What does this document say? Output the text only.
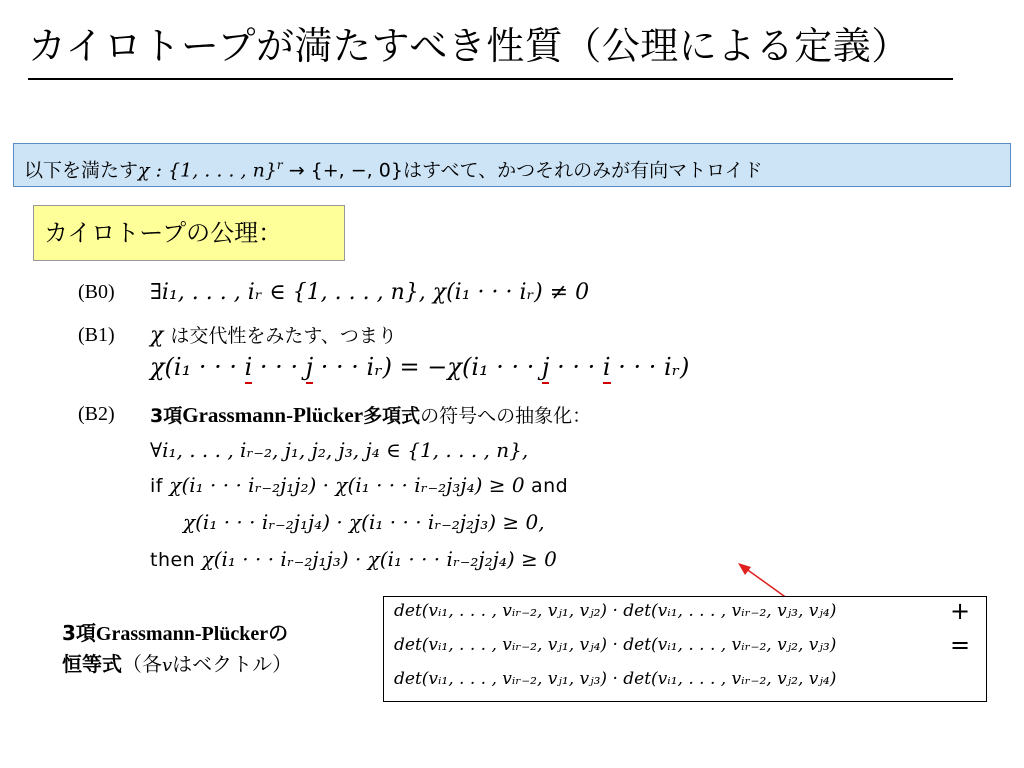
カイロトープが満たすべき性質（公理による定義）
以下を満たすχ : {1, . . . , n}$^r$ → {+, −, 0}はすべて、かつそれのみが有向マトロイド
カイロトープの公理：
(B0) ∃i₁, . . . , iᵣ ∈ {1, . . . , n}, χ(i₁ · · · iᵣ) ≠ 0
(B1) χ は交代性をみたす、つまり
χ(i₁ · · · i · · · j · · · iᵣ) = −χ(i₁ · · · j · · · i · · · iᵣ)
(B2) 3項Grassmann-Plücker多項式の符号への抽象化：
∀i₁, . . . , iᵣ₋₂, j₁, j₂, j₃, j₄ ∈ {1, . . . , n},
if χ(i₁ · · · iᵣ₋₂j₁j₂) · χ(i₁ · · · iᵣ₋₂j₃j₄) ≥ 0 and
χ(i₁ · · · iᵣ₋₂j₁j₄) · χ(i₁ · · · iᵣ₋₂j₂j₃) ≥ 0,
then χ(i₁ · · · iᵣ₋₂j₁j₃) · χ(i₁ · · · iᵣ₋₂j₂j₄) ≥ 0
3項Grassmann-Plückerの
恒等式（各vはベクトル）
det(vᵢ₁, . . . , vᵢᵣ₋₂, vⱼ₁, vⱼ₂) · det(vᵢ₁, . . . , vᵢᵣ₋₂, vⱼ₃, vⱼ₄)	+
det(vᵢ₁, . . . , vᵢᵣ₋₂, vⱼ₁, vⱼ₄) · det(vᵢ₁, . . . , vᵢᵣ₋₂, vⱼ₂, vⱼ₃)	=
det(vᵢ₁, . . . , vᵢᵣ₋₂, vⱼ₁, vⱼ₃) · det(vᵢ₁, . . . , vᵢᵣ₋₂, vⱼ₂, vⱼ₄)
